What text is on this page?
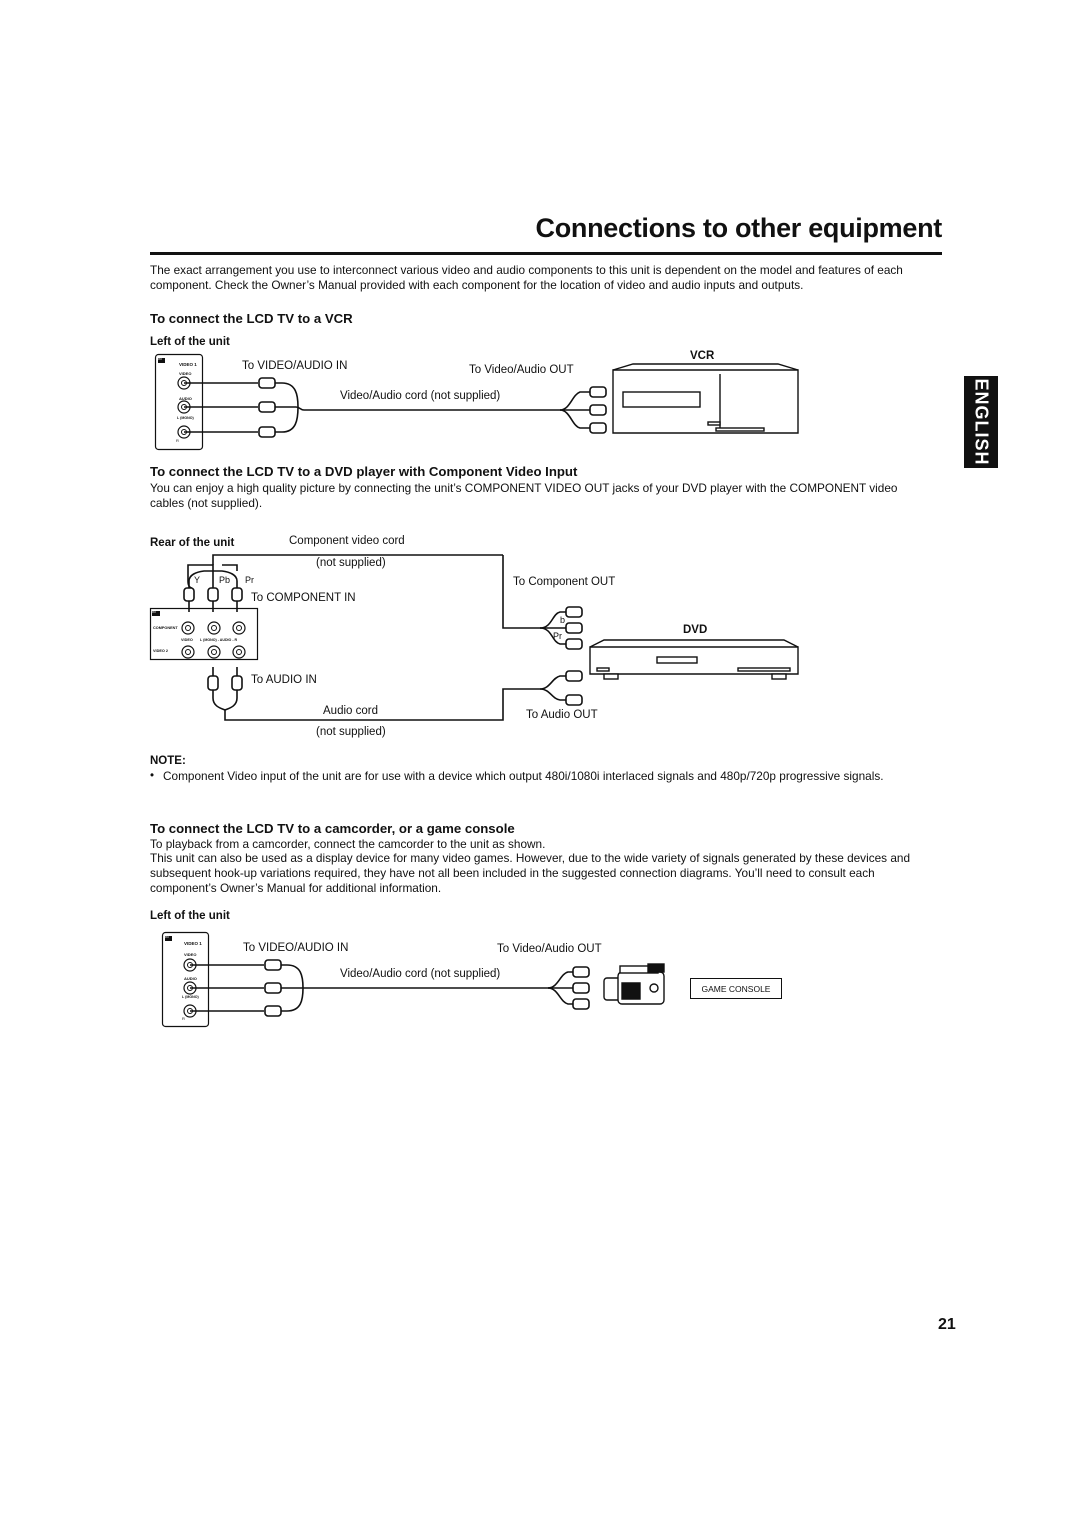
Connections to other equipment
The exact arrangement you use to interconnect various video and audio components to this unit is dependent on the model and features of each component. Check the Owner’s Manual provided with each component for the location of video and audio inputs and outputs.
ENGLISH
To connect the LCD TV to a VCR
Left of the unit
IN
VIDEO 1
VIDEO
AUDIO
L (MONO)
R
To VIDEO/AUDIO IN	To Video/Audio OUT
Video/Audio cord (not supplied)
VCR
To connect the LCD TV to a DVD player with Component Video Input
You can enjoy a high quality picture by connecting the unit’s COMPONENT VIDEO OUT jacks of your DVD player with the COMPONENT video cables (not supplied).
Rear of the unit	Component video cord
(not supplied)
Y Pb Pr
To COMPONENT IN
To Component OUT
b
Pr	DVD
To AUDIO IN
Audio cord
(not supplied)
To Audio OUT
IN
COMPONENT
VIDEO L (MONO) - AUDIO - R
VIDEO 2
NOTE:
• Component Video input of the unit are for use with a device which output 480i/1080i interlaced signals and 480p/720p progressive signals.
To connect the LCD TV to a camcorder, or a game console
To playback from a camcorder, connect the camcorder to the unit as shown.
This unit can also be used as a display device for many video games. However, due to the wide variety of signals generated by these devices and subsequent hook-up variations required, they have not all been included in the suggested connection diagrams. You’ll need to consult each component’s Owner’s Manual for additional information.
Left of the unit
IN
VIDEO 1
VIDEO
AUDIO
L (MONO)
R
To VIDEO/AUDIO IN	To Video/Audio OUT
Video/Audio cord (not supplied)
GAME CONSOLE
21
